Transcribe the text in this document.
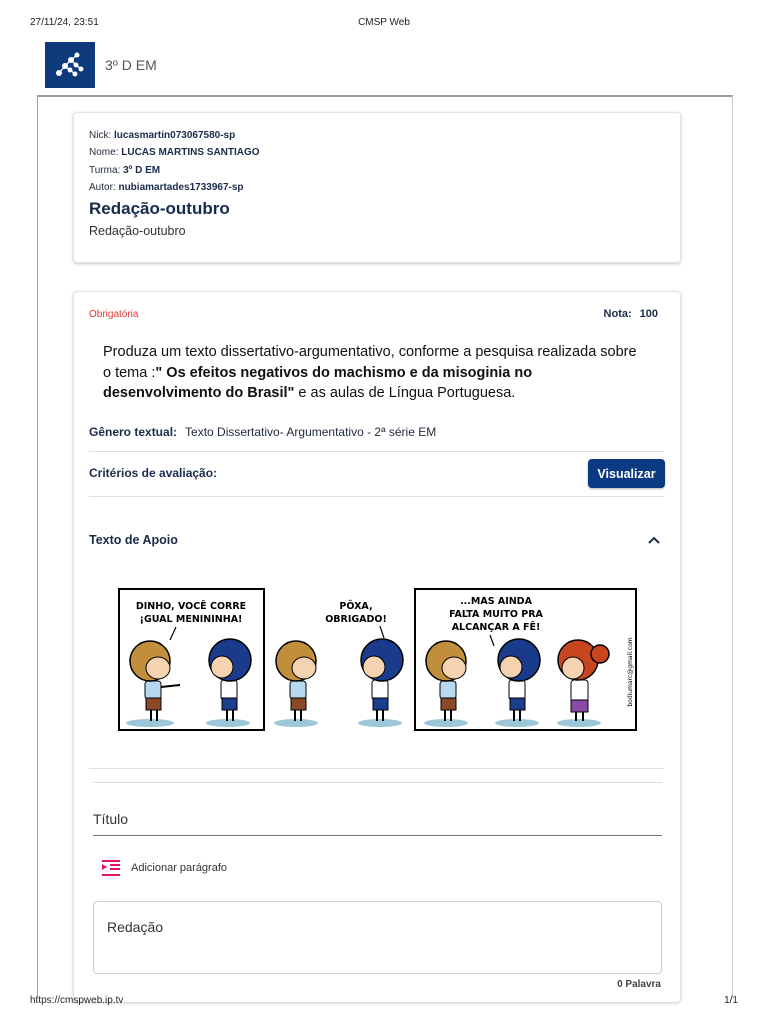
27/11/24, 23:51	CMSP Web
3º D EM
Nick: lucasmartin073067580-sp
Nome: LUCAS MARTINS SANTIAGO
Turma: 3º D EM
Autor: nubiamartades1733967-sp
Redação-outubro
Redação-outubro
Obrigatória	Nota: 100
Produza um texto dissertativo-argumentativo, conforme a pesquisa realizada sobre o tema :" Os efeitos negativos do machismo e da misoginia no desenvolvimento do Brasil" e as aulas de Língua Portuguesa.
Gênero textual: Texto Dissertativo- Argumentativo - 2ª série EM
Critérios de avaliação:	Visualizar
Texto de Apoio
DINHO, VOCÊ CORRE
¡GUAL MENININHA!
PÔXA,
OBRIGADO!
...MAS AINDA
FALTA MUITO PRA
ALCANÇAR A FÊ!
bodiumarc@gmail.com
Título
Adicionar parágrafo
Redação
0 Palavra
https://cmspweb.ip.tv	1/1
